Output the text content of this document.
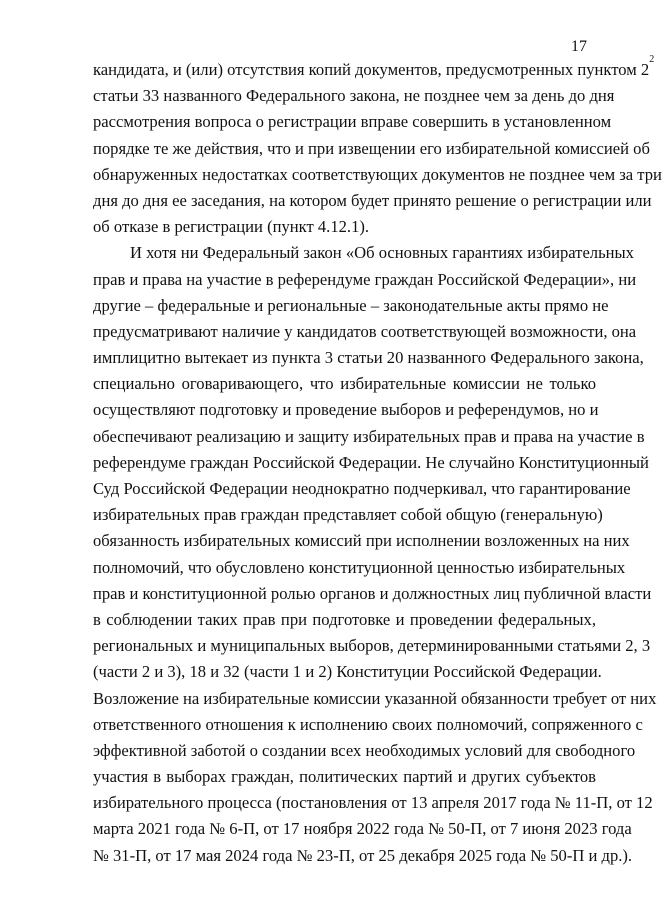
17
кандидата, и (или) отсутствия копий документов, предусмотренных пунктом $2^2$
статьи 33 названного Федерального закона, не позднее чем за день до дня
рассмотрения вопроса о регистрации вправе совершить в установленном
порядке те же действия, что и при извещении его избирательной комиссией об
обнаруженных недостатках соответствующих документов не позднее чем за три
дня до дня ее заседания, на котором будет принято решение о регистрации или
об отказе в регистрации (пункт 4.12.1).
И хотя ни Федеральный закон «Об основных гарантиях избирательных
прав и права на участие в референдуме граждан Российской Федерации», ни
другие – федеральные и региональные – законодательные акты прямо не
предусматривают наличие у кандидатов соответствующей возможности, она
имплицитно вытекает из пункта 3 статьи 20 названного Федерального закона,
специально оговаривающего, что избирательные комиссии не только
осуществляют подготовку и проведение выборов и референдумов, но и
обеспечивают реализацию и защиту избирательных прав и права на участие в
референдуме граждан Российской Федерации. Не случайно Конституционный
Суд Российской Федерации неоднократно подчеркивал, что гарантирование
избирательных прав граждан представляет собой общую (генеральную)
обязанность избирательных комиссий при исполнении возложенных на них
полномочий, что обусловлено конституционной ценностью избирательных
прав и конституционной ролью органов и должностных лиц публичной власти
в соблюдении таких прав при подготовке и проведении федеральных,
региональных и муниципальных выборов, детерминированными статьями 2, 3
(части 2 и 3), 18 и 32 (части 1 и 2) Конституции Российской Федерации.
Возложение на избирательные комиссии указанной обязанности требует от них
ответственного отношения к исполнению своих полномочий, сопряженного с
эффективной заботой о создании всех необходимых условий для свободного
участия в выборах граждан, политических партий и других субъектов
избирательного процесса (постановления от 13 апреля 2017 года № 11-П, от 12
марта 2021 года № 6-П, от 17 ноября 2022 года № 50-П, от 7 июня 2023 года
№ 31-П, от 17 мая 2024 года № 23-П, от 25 декабря 2025 года № 50-П и др.).
